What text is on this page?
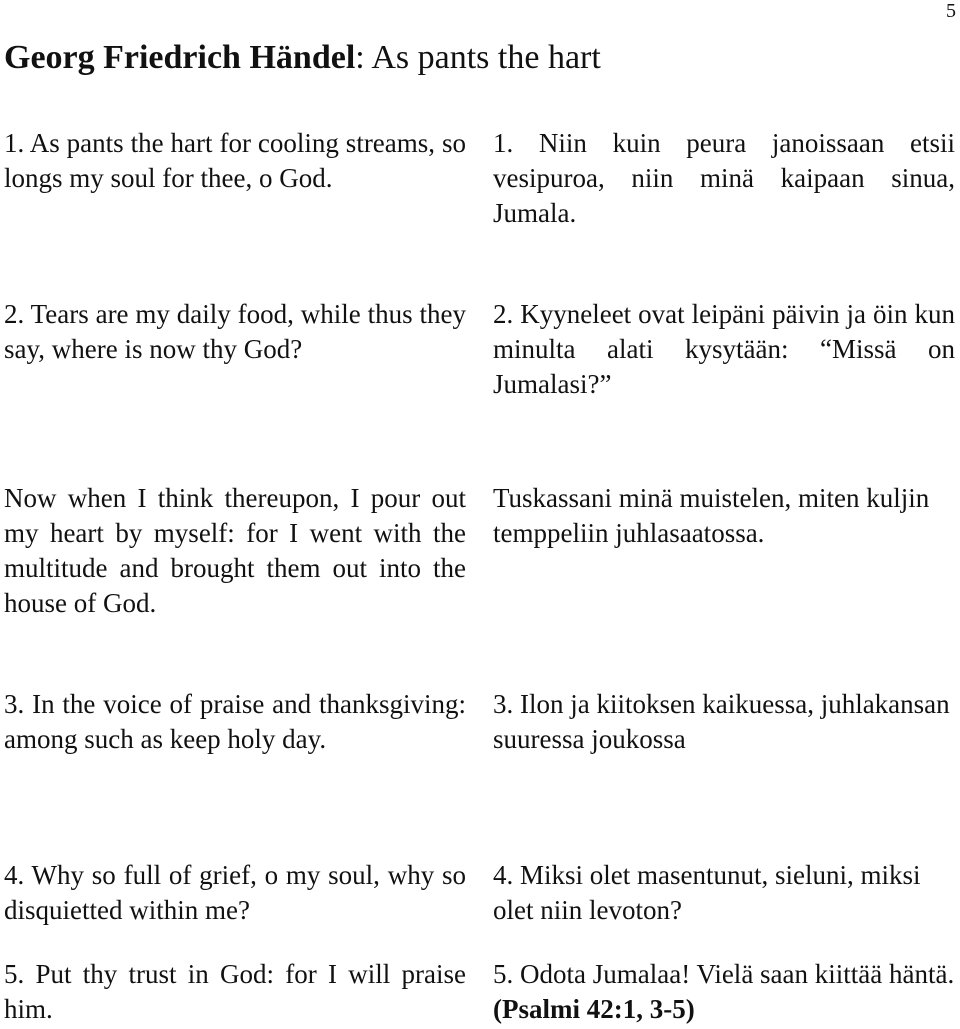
5
Georg Friedrich Händel: As pants the hart

1. As pants the hart for cooling streams, so longs my soul for thee, o God.

1. Niin kuin peura janoissaan etsii vesipuroa, niin minä kaipaan sinua, Jumala.

2. Tears are my daily food, while thus they say, where is now thy God?

2. Kyyneleet ovat leipäni päivin ja öin kun minulta alati kysytään: “Missä on Jumalasi?”

Now when I think thereupon, I pour out my heart by myself: for I went with the multitude and brought them out into the house of God.

Tuskassani minä muistelen, miten kuljin temppeliin juhlasaatossa.

3. In the voice of praise and thanksgiving: among such as keep holy day.

3. Ilon ja kiitoksen kaikuessa, juhlakansan suuressa joukossa

4. Why so full of grief, o my soul, why so disquietted within me?

4. Miksi olet masentunut, sieluni, miksi olet niin levoton?

5. Put thy trust in God: for I will praise him.

5. Odota Jumalaa! Vielä saan kiittää häntä. (Psalmi 42:1, 3-5)
